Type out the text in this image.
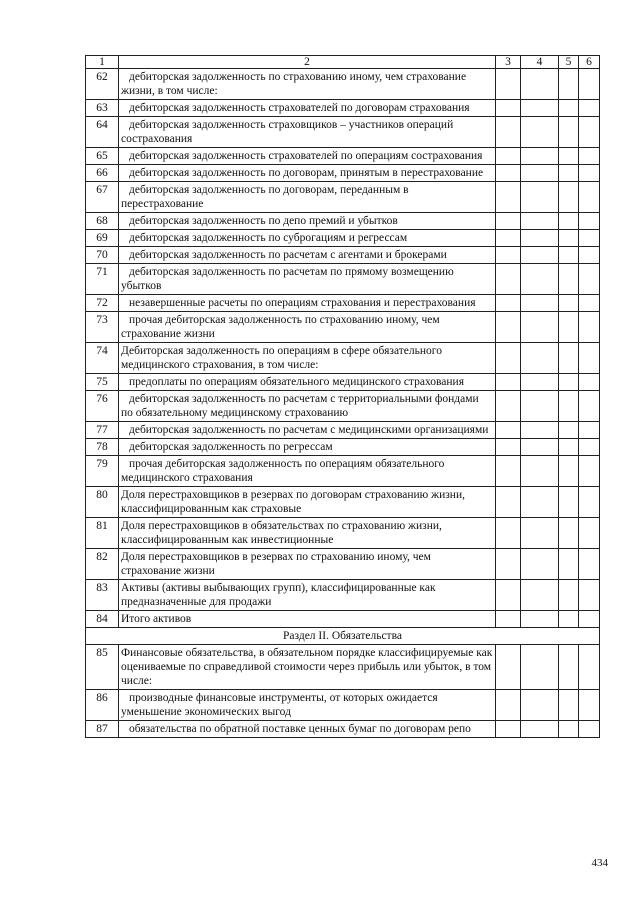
1	2	3	4	5	6
62	дебиторская задолженность по страхованию иному, чем страхование жизни, в том числе:				
63	дебиторская задолженность страхователей по договорам страхования				
64	дебиторская задолженность страховщиков – участников операций сострахования				
65	дебиторская задолженность страхователей по операциям сострахования				
66	дебиторская задолженность по договорам, принятым в перестрахование				
67	дебиторская задолженность по договорам, переданным в перестрахование				
68	дебиторская задолженность по депо премий и убытков				
69	дебиторская задолженность по суброгациям и регрессам				
70	дебиторская задолженность по расчетам с агентами и брокерами				
71	дебиторская задолженность по расчетам по прямому возмещению убытков				
72	незавершенные расчеты по операциям страхования и перестрахования				
73	прочая дебиторская задолженность по страхованию иному, чем страхование жизни				
74	Дебиторская задолженность по операциям в сфере обязательного медицинского страхования, в том числе:				
75	предоплаты по операциям обязательного медицинского страхования				
76	дебиторская задолженность по расчетам с территориальными фондами по обязательному медицинскому страхованию				
77	дебиторская задолженность по расчетам с медицинскими организациями				
78	дебиторская задолженность по регрессам				
79	прочая дебиторская задолженность по операциям обязательного медицинского страхования				
80	Доля перестраховщиков в резервах по договорам страхованию жизни, классифицированным как страховые				
81	Доля перестраховщиков в обязательствах по страхованию жизни, классифицированным как инвестиционные				
82	Доля перестраховщиков в резервах по страхованию иному, чем страхование жизни				
83	Активы (активы выбывающих групп), классифицированные как предназначенные для продажи				
84	Итого активов				
Раздел II. Обязательства					
85	Финансовые обязательства, в обязательном порядке классифицируемые как оцениваемые по справедливой стоимости через прибыль или убыток, в том числе:				
86	производные финансовые инструменты, от которых ожидается уменьшение экономических выгод				
87	обязательства по обратной поставке ценных бумаг по договорам репо				
434
